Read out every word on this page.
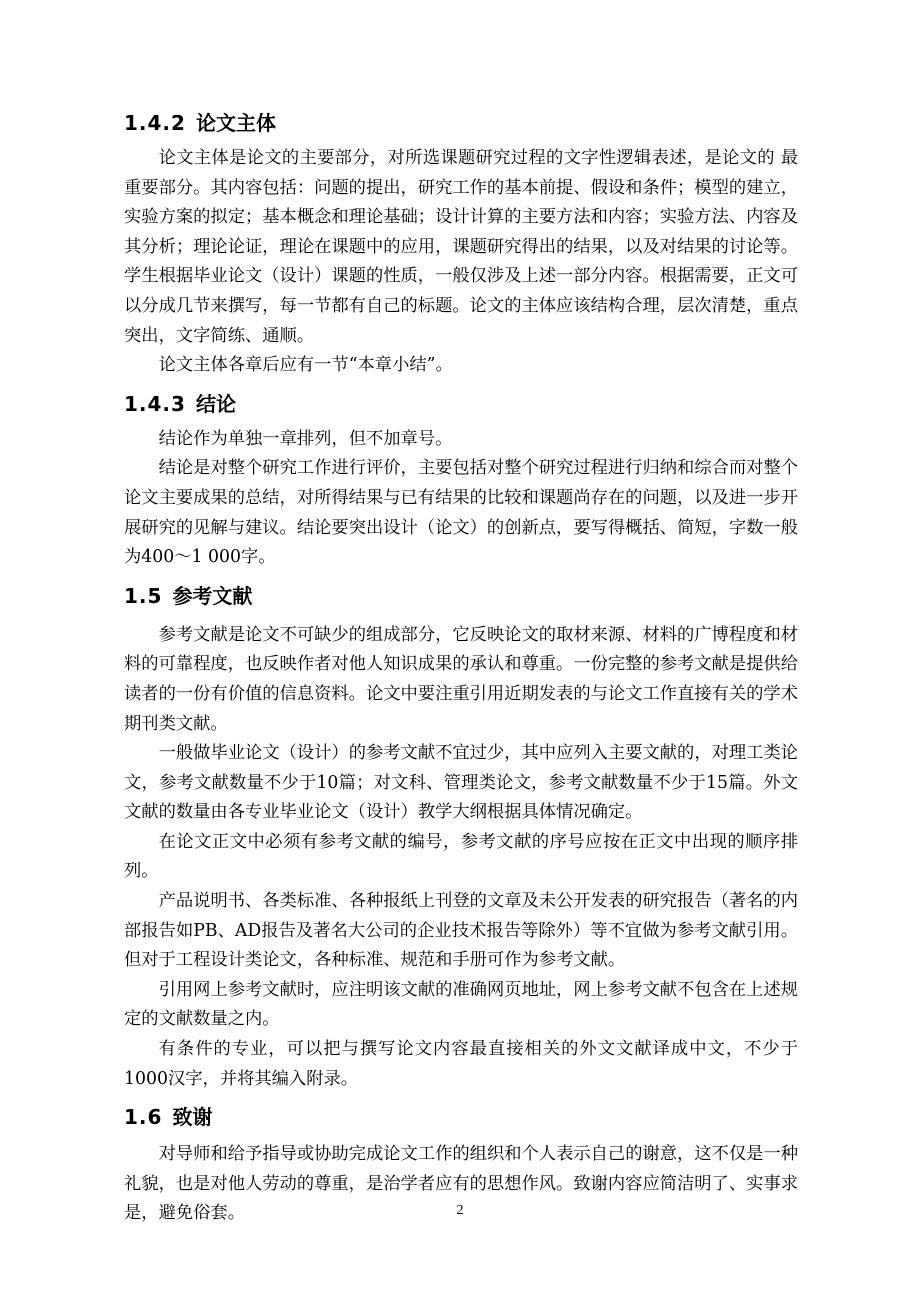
1.4.2 论文主体

论文主体是论文的主要部分，对所选课题研究过程的文字性逻辑表述，是论文的 最重要部分。其内容包括：问题的提出，研究工作的基本前提、假设和条件；模型的建立，实验方案的拟定；基本概念和理论基础；设计计算的主要方法和内容；实验方法、内容及其分析；理论论证，理论在课题中的应用，课题研究得出的结果，以及对结果的讨论等。学生根据毕业论文（设计）课题的性质，一般仅涉及上述一部分内容。根据需要，正文可以分成几节来撰写，每一节都有自己的标题。论文的主体应该结构合理，层次清楚，重点突出，文字简练、通顺。

论文主体各章后应有一节“本章小结”。

1.4.3 结论

结论作为单独一章排列，但不加章号。

结论是对整个研究工作进行评价，主要包括对整个研究过程进行归纳和综合而对整个论文主要成果的总结，对所得结果与已有结果的比较和课题尚存在的问题，以及进一步开展研究的见解与建议。结论要突出设计（论文）的创新点，要写得概括、简短，字数一般为400～1 000字。

1.5 参考文献

参考文献是论文不可缺少的组成部分，它反映论文的取材来源、材料的广博程度和材料的可靠程度，也反映作者对他人知识成果的承认和尊重。一份完整的参考文献是提供给读者的一份有价值的信息资料。论文中要注重引用近期发表的与论文工作直接有关的学术期刊类文献。

一般做毕业论文（设计）的参考文献不宜过少，其中应列入主要文献的，对理工类论文，参考文献数量不少于10篇；对文科、管理类论文，参考文献数量不少于15篇。外文文献的数量由各专业毕业论文（设计）教学大纲根据具体情况确定。

在论文正文中必须有参考文献的编号，参考文献的序号应按在正文中出现的顺序排列。

产品说明书、各类标准、各种报纸上刊登的文章及未公开发表的研究报告（著名的内部报告如PB、AD报告及著名大公司的企业技术报告等除外）等不宜做为参考文献引用。但对于工程设计类论文，各种标准、规范和手册可作为参考文献。

引用网上参考文献时，应注明该文献的准确网页地址，网上参考文献不包含在上述规定的文献数量之内。

有条件的专业，可以把与撰写论文内容最直接相关的外文文献译成中文，不少于1000汉字，并将其编入附录。

1.6 致谢

对导师和给予指导或协助完成论文工作的组织和个人表示自己的谢意，这不仅是一种礼貌，也是对他人劳动的尊重，是治学者应有的思想作风。致谢内容应简洁明了、实事求是，避免俗套。	2
